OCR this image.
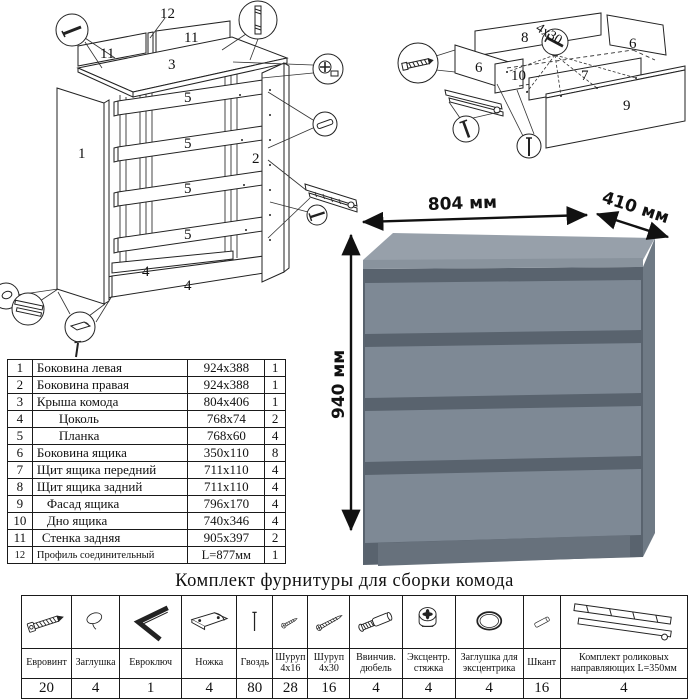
12
11
11
3
5
5
5
5
1	2
4
4
4x30
8	6
6 10	7
9
804 мм	410 мм
940 мм
1	Боковина левая	924x388	1
2	Боковина правая	924x388	1
3	Крыша комода	804x406	1
4	Цоколь	768x74	2
5	Планка	768x60	4
6	Боковина ящика	350x110	8
7	Щит ящика передний	711x110	4
8	Щит ящика задний	711x110	4
9	Фасад ящика	796x170	4
10	Дно ящика	740x346	4
11	Стенка задняя	905x397	2
12	Профиль соединительный	L=877мм	1
Комплект фурнитуры для сборки комода

Евровинт	Заглушка	Евроключ	Ножка	Гвоздь	Шуруп 4x16	Шуруп 4x30	Ввинчив. дюбель	Эксцентр. стяжка	Заглушка для эксцентрика	Шкант	Комплект роликовых направляющих L=350мм
20	4	1	4	80	28	16	4	4	4	16	4
